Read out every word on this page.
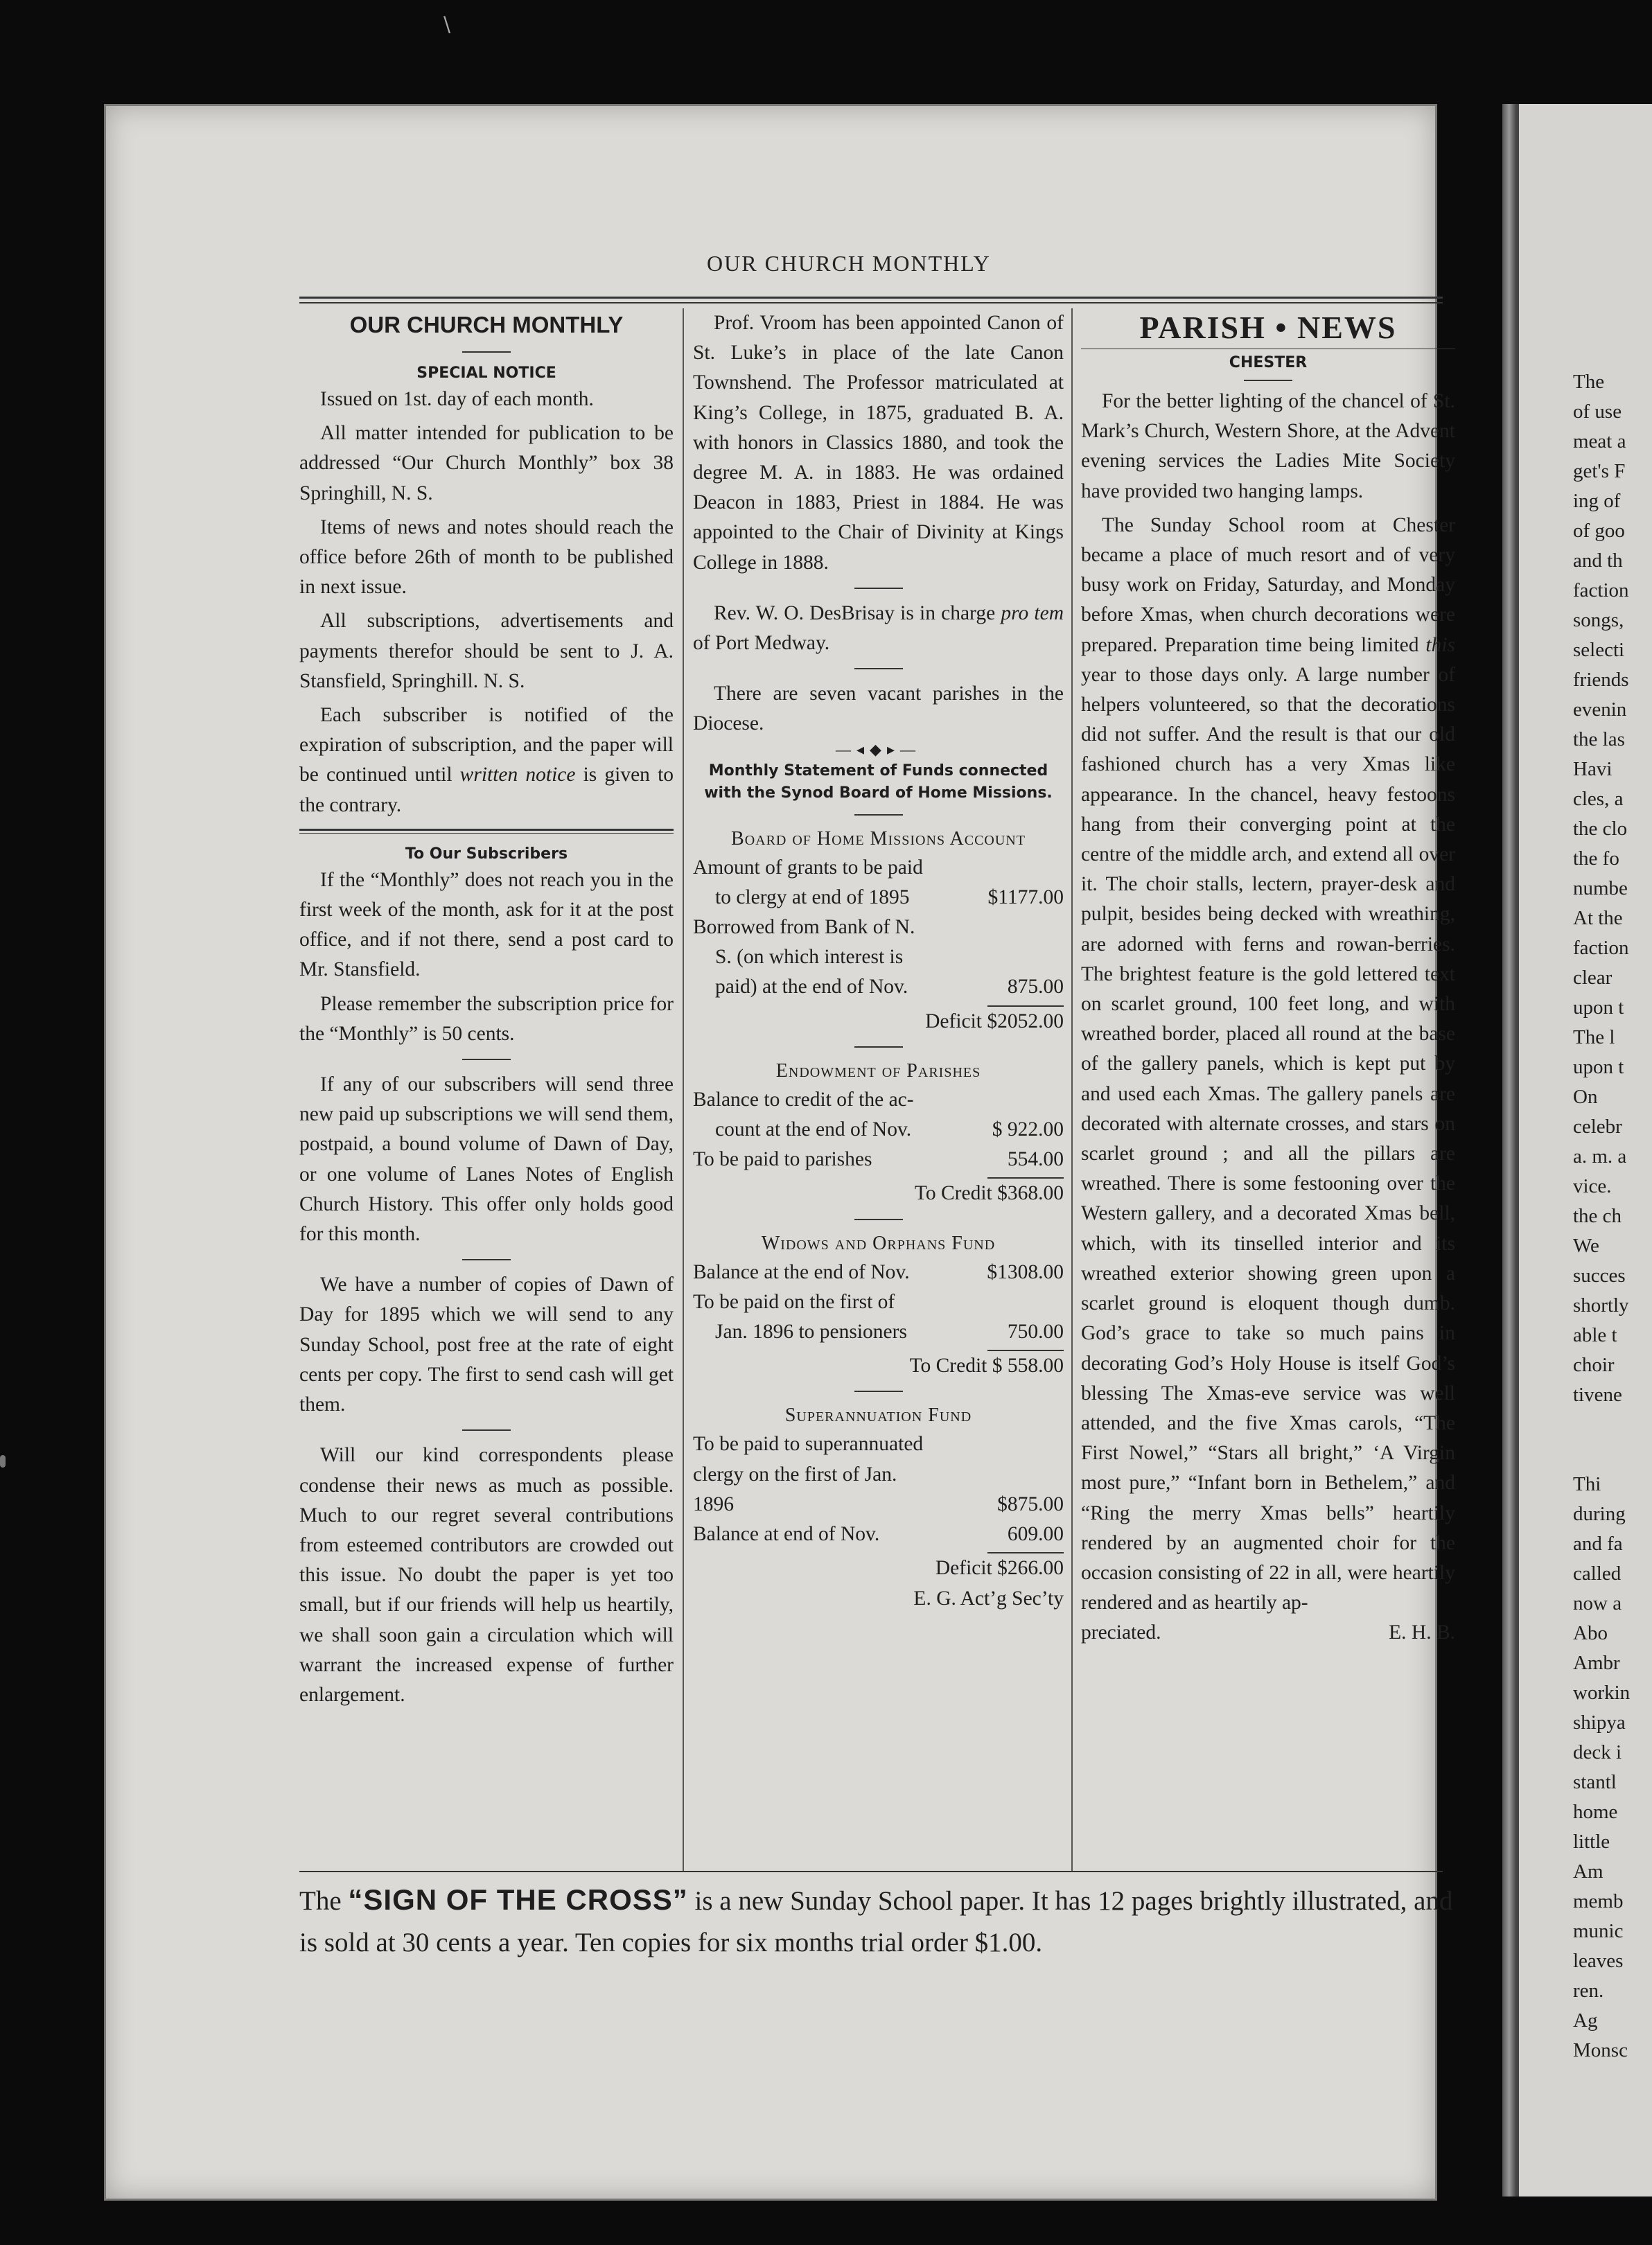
\
OUR CHURCH MONTHLY
OUR CHURCH MONTHLY
SPECIAL NOTICE

Issued on 1st. day of each month.

All matter intended for publication to be addressed “Our Church Monthly” box 38 Springhill, N. S.

Items of news and notes should reach the office before 26th of month to be published in next issue.

All subscriptions, advertisements and payments therefor should be sent to J. A. Stansfield, Springhill. N. S.

Each subscriber is notified of the expiration of subscription, and the paper will be continued until written notice is given to the contrary.

To Our Subscribers

If the “Monthly” does not reach you in the first week of the month, ask for it at the post office, and if not there, send a post card to Mr. Stansfield.

Please remember the subscription price for the “Monthly” is 50 cents.

If any of our subscribers will send three new paid up subscriptions we will send them, postpaid, a bound volume of Dawn of Day, or one volume of Lanes Notes of English Church History. This offer only holds good for this month.

We have a number of copies of Dawn of Day for 1895 which we will send to any Sunday School, post free at the rate of eight cents per copy. The first to send cash will get them.

Will our kind correspondents please condense their news as much as possible. Much to our regret several contributions from esteemed contributors are crowded out this issue. No doubt the paper is yet too small, but if our friends will help us heartily, we shall soon gain a circulation which will warrant the increased expense of further enlargement.

Prof. Vroom has been appointed Canon of St. Luke’s in place of the late Canon Townshend. The Professor matriculated at King’s College, in 1875, graduated B. A. with honors in Classics 1880, and took the degree M. A. in 1883. He was ordained Deacon in 1883, Priest in 1884. He was appointed to the Chair of Divinity at Kings College in 1888.

Rev. W. O. DesBrisay is in charge pro tem of Port Medway.

There are seven vacant parishes in the Diocese.

—◂◆▸—
Monthly Statement of Funds connected with the Synod Board of Home Missions.
Board of Home Missions Account
Amount of grants to be paid
to clergy at end of 1895	$1177.00
Borrowed from Bank of N.
S. (on which interest is
paid) at the end of Nov.	875.00
Deficit $2052.00
Endowment of Parishes
Balance to credit of the ac-
count at the end of Nov.	$ 922.00
To be paid to parishes	554.00
To Credit $368.00
Widows and Orphans Fund
Balance at the end of Nov.	$1308.00
To be paid on the first of
Jan. 1896 to pensioners	750.00
To Credit $ 558.00
Superannuation Fund
To be paid to superannuated
clergy on the first of Jan.
1896	$875.00
Balance at end of Nov.	609.00
Deficit $266.00
E. G. Act’g Sec’ty
PARISH • NEWS
CHESTER

For the better lighting of the chancel of St. Mark’s Church, Western Shore, at the Advent evening services the Ladies Mite Society have provided two hanging lamps.

The Sunday School room at Chester became a place of much resort and of very busy work on Friday, Saturday, and Monday before Xmas, when church decorations were prepared. Preparation time being limited this year to those days only. A large number of helpers volunteered, so that the decorations did not suffer. And the result is that our old fashioned church has a very Xmas like appearance. In the chancel, heavy festoons hang from their converging point at the centre of the middle arch, and extend all over it. The choir stalls, lectern, prayer-desk and pulpit, besides being decked with wreathing, are adorned with ferns and rowan-berries. The brightest feature is the gold lettered text on scarlet ground, 100 feet long, and with wreathed border, placed all round at the base of the gallery panels, which is kept put by and used each Xmas. The gallery panels are decorated with alternate crosses, and stars on scarlet ground ; and all the pillars are wreathed. There is some festooning over the Western gallery, and a decorated Xmas bell, which, with its tinselled interior and its wreathed exterior showing green upon a scarlet ground is eloquent though dumb. God’s grace to take so much pains in decorating God’s Holy House is itself God’s blessing The Xmas-eve service was well attended, and the five Xmas carols, “The First Nowel,” “Stars all bright,” ‘A Virgin most pure,” “Infant born in Bethelem,” and “Ring the merry Xmas bells” heartily rendered by an augmented choir for the occasion consisting of 22 in all, were heartily rendered and as heartily ap-

preciated.	E. H. B.
The “SIGN OF THE CROSS” is a new Sunday School paper. It has 12 pages brightly illustrated, and is sold at 30 cents a year. Ten copies for six months trial order $1.00.
The
of use
meat a
get's F
ing of
of goo
and th
faction
songs,
selecti
friends
evenin
the las
Havi
cles, a
the clo
the fo
numbe
At the
faction
clear
upon t
The l
upon t
On
celebr
a. m. a
vice.
the ch
We
succes
shortly
able t
choir
tivene
Thi
during
and fa
called
now a
Abo
Ambr
workin
shipya
deck i
stantl
home
little
Am
memb
munic
leaves
ren.
Ag
Monsc
